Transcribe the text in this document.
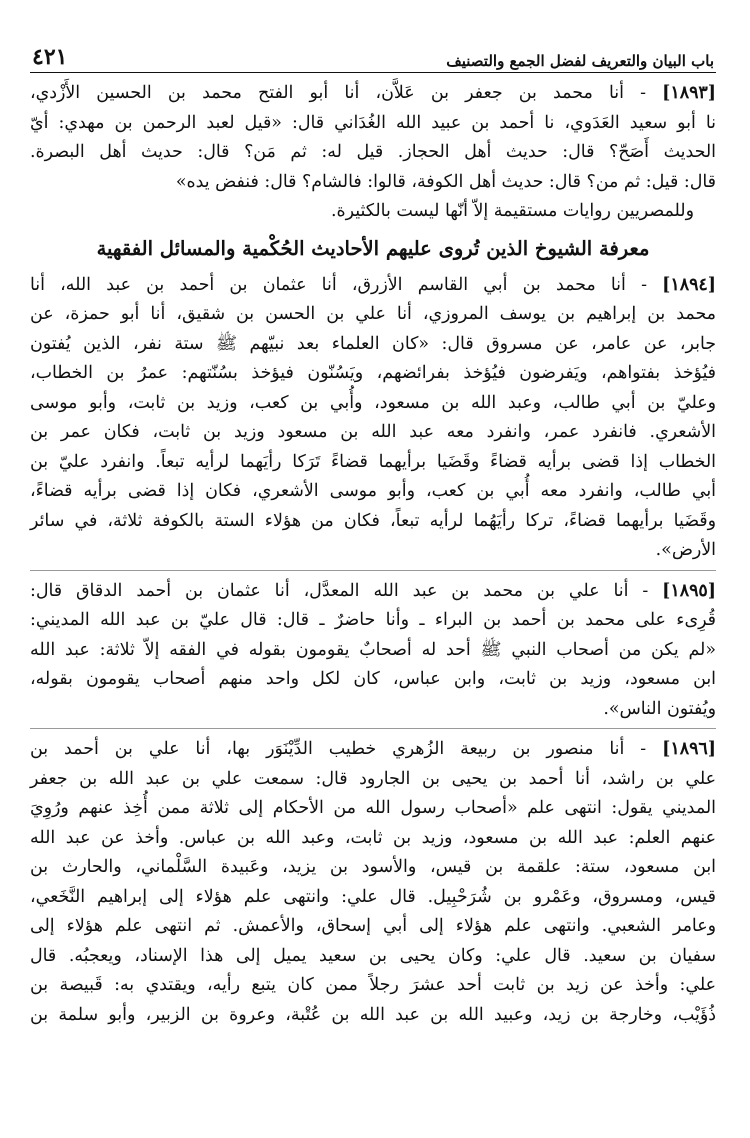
باب البيان والتعريف لفضل الجمع والتصنيف
٤٢١

[١٨٩٣] - أنا محمد بن جعفر بن عَلاَّن، أنا أبو الفتح محمد بن الحسين الأَزْدي،

نا أبو سعيد العَدَوي، نا أحمد بن عبيد الله الغُدَاني قال: «قيل لعبد الرحمن بن مهدي: أيّ

الحديث أَصَحّ؟ قال: حديث أهل الحجاز. قيل له: ثم مَن؟ قال: حديث أهل البصرة.

قال: قيل: ثم من؟ قال: حديث أهل الكوفة، قالوا: فالشام؟ قال: فنفض يده»

وللمصريين روايات مستقيمة إلاّ أنّها ليست بالكثيرة.

معرفة الشيوخ الذين تُروى عليهم الأحاديث الحُكْمية والمسائل الفقهية

[١٨٩٤] - أنا محمد بن أبي القاسم الأزرق، أنا عثمان بن أحمد بن عبد الله، أنا

محمد بن إبراهيم بن يوسف المروزي، أنا علي بن الحسن بن شقيق، أنا أبو حمزة، عن

جابر، عن عامر، عن مسروق قال: «كان العلماء بعد نبيّهم ﷺ ستة نفر، الذين يُفتون

فيُؤخذ بفتواهم، ويَفرضون فيُؤخذ بفرائضهم، ويَسُنّون فيؤخذ بسُنّتهم: عمرُ بن الخطاب،

وعليّ بن أبي طالب، وعبد الله بن مسعود، وأُبي بن كعب، وزيد بن ثابت، وأبو موسى

الأشعري. فانفرد عمر، وانفرد معه عبد الله بن مسعود وزيد بن ثابت، فكان عمر بن

الخطاب إذا قضى برأيه قضاءً وقَضَيا برأيهما قضاءً تَرَكا رأيَهما لرأيه تبعاً. وانفرد عليّ بن

أبي طالب، وانفرد معه أُبي بن كعب، وأبو موسى الأشعري، فكان إذا قضى برأيه قضاءً،

وقَضَيا برأيهما قضاءً، تركا رأيَهُما لرأيه تبعاً، فكان من هؤلاء الستة بالكوفة ثلاثة، في سائر

الأرض».

[١٨٩٥] - أنا علي بن محمد بن عبد الله المعدَّل، أنا عثمان بن أحمد الدقاق قال:

قُرِىء على محمد بن أحمد بن البراء ـ وأنا حاضرٌ ـ قال: قال عليّ بن عبد الله المديني:

«لم يكن من أصحاب النبي ﷺ أحد له أصحابٌ يقومون بقوله في الفقه إلاّ ثلاثة: عبد الله

ابن مسعود، وزيد بن ثابت، وابن عباس، كان لكل واحد منهم أصحاب يقومون بقوله،

ويُفتون الناس».

[١٨٩٦] - أنا منصور بن ربيعة الزُهري خطيب الدِّيْنَوَر بها، أنا علي بن أحمد بن

علي بن راشد، أنا أحمد بن يحيى بن الجارود قال: سمعت علي بن عبد الله بن جعفر

المديني يقول: انتهى علم «أصحاب رسول الله من الأحكام إلى ثلاثة ممن أُخِذ عنهم ورُوِيَ

عنهم العلم: عبد الله بن مسعود، وزيد بن ثابت، وعبد الله بن عباس. وأخذ عن عبد الله

ابن مسعود، ستة: علقمة بن قيس، والأسود بن يزيد، وعَبيدة السَّلْماني، والحارث بن

قيس، ومسروق، وعَمْرو بن شُرَحْبِيل. قال علي: وانتهى علم هؤلاء إلى إبراهيم النَّخَعي،

وعامر الشعبي. وانتهى علم هؤلاء إلى أبي إسحاق، والأعمش. ثم انتهى علم هؤلاء إلى

سفيان بن سعيد. قال علي: وكان يحيى بن سعيد يميل إلى هذا الإسناد، ويعجبُه. قال

علي: وأخذ عن زيد بن ثابت أحد عشرَ رجلاً ممن كان يتبع رأيه، ويقتدي به: قَبيصة بن

ذُؤَيْب، وخارجة بن زيد، وعبيد الله بن عبد الله بن عُتْبة، وعروة بن الزبير، وأبو سلمة بن
